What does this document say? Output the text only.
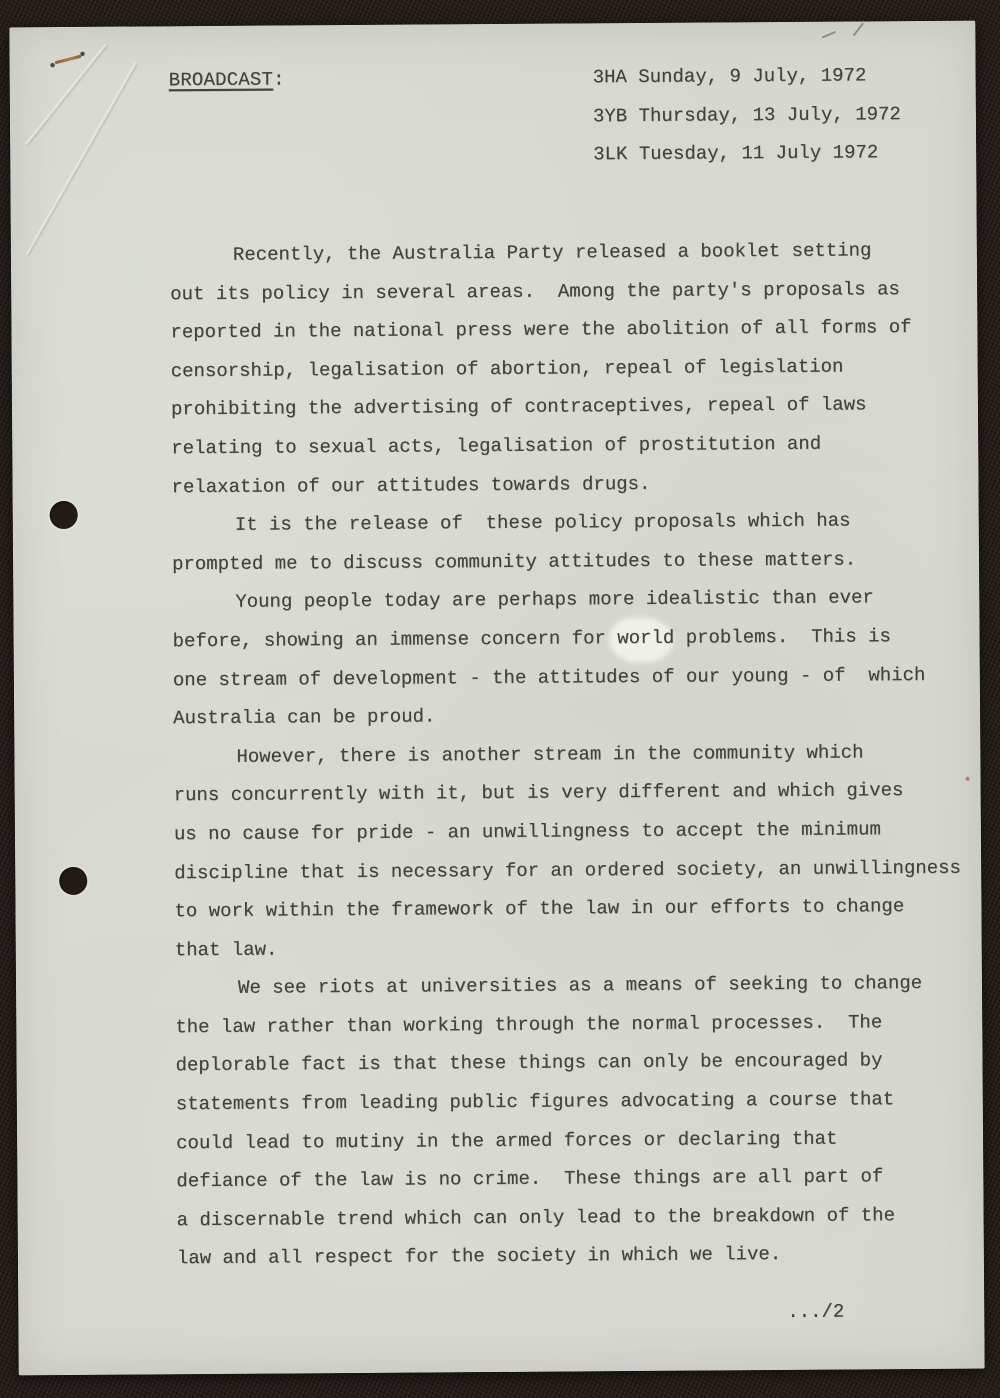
BROADCAST:	3HA Sunday, 9 July, 1972
3YB Thursday, 13 July, 1972
3LK Tuesday, 11 July 1972
Recently, the Australia Party released a booklet setting
out its policy in several areas.  Among the party's proposals as
reported in the national press were the abolition of all forms of
censorship, legalisation of abortion, repeal of legislation
prohibiting the advertising of contraceptives, repeal of laws
relating to sexual acts, legalisation of prostitution and
relaxation of our attitudes towards drugs.
It is the release of  these policy proposals which has
prompted me to discuss community attitudes to these matters.
Young people today are perhaps more idealistic than ever
before, showing an immense concern for world problems.  This is
one stream of development - the attitudes of our young - of  which
Australia can be proud.
However, there is another stream in the community which
runs concurrently with it, but is very different and which gives
us no cause for pride - an unwillingness to accept the minimum
discipline that is necessary for an ordered society, an unwillingness
to work within the framework of the law in our efforts to change
that law.
We see riots at universities as a means of seeking to change
the law rather than working through the normal processes.  The
deplorable fact is that these things can only be encouraged by
statements from leading public figures advocating a course that
could lead to mutiny in the armed forces or declaring that
defiance of the law is no crime.  These things are all part of
a discernable trend which can only lead to the breakdown of the
law and all respect for the society in which we live.
.../2
